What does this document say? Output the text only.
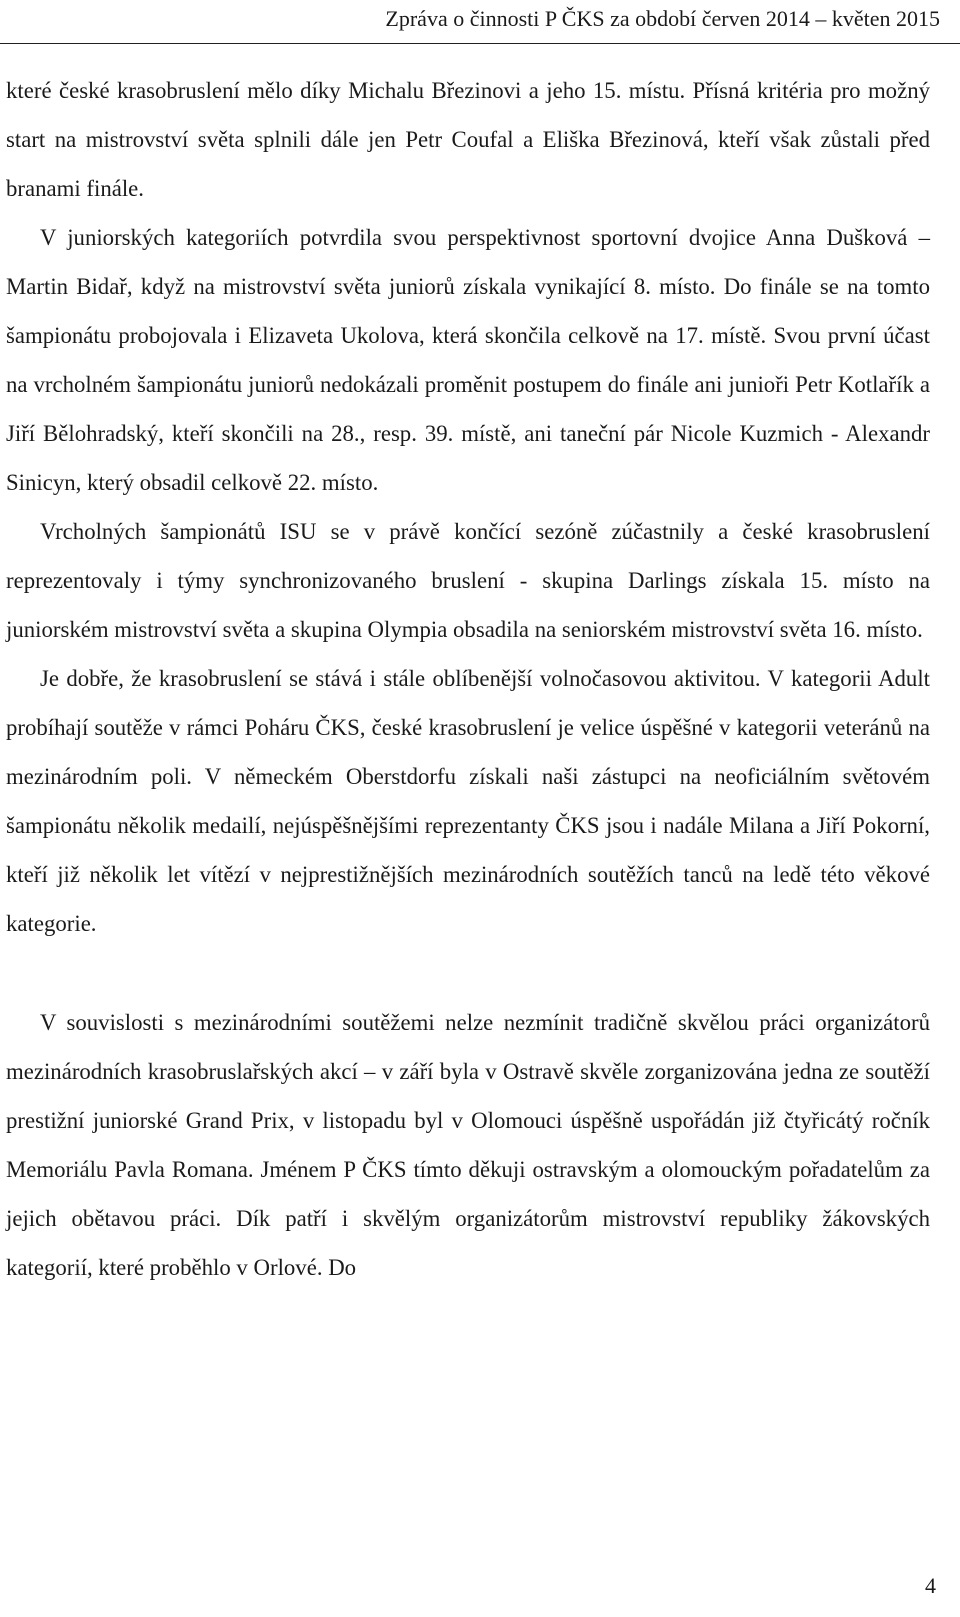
Zpráva o činnosti P ČKS za období červen 2014 – květen 2015

které české krasobruslení mělo díky Michalu Březinovi a jeho 15. místu. Přísná kritéria pro možný start na mistrovství světa splnili dále jen Petr Coufal a Eliška Březinová, kteří však zůstali před branami finále.

V juniorských kategoriích potvrdila svou perspektivnost sportovní dvojice Anna Dušková – Martin Bidař, když na mistrovství světa juniorů získala vynikající 8. místo. Do finále se na tomto šampionátu probojovala i Elizaveta Ukolova, která skončila celkově na 17. místě. Svou první účast na vrcholném šampionátu juniorů nedokázali proměnit postupem do finále ani junioři Petr Kotlařík a Jiří Bělohradský, kteří skončili na 28., resp. 39. místě, ani taneční pár Nicole Kuzmich - Alexandr Sinicyn, který obsadil celkově 22. místo.

Vrcholných šampionátů ISU se v právě končící sezóně zúčastnily a české krasobruslení reprezentovaly i týmy synchronizovaného bruslení - skupina Darlings získala 15. místo na juniorském mistrovství světa a skupina Olympia obsadila na seniorském mistrovství světa 16. místo.

Je dobře, že krasobruslení se stává i stále oblíbenější volnočasovou aktivitou. V kategorii Adult probíhají soutěže v rámci Poháru ČKS, české krasobruslení je velice úspěšné v kategorii veteránů na mezinárodním poli. V německém Oberstdorfu získali naši zástupci na neoficiálním světovém šampionátu několik medailí, nejúspěšnějšími reprezentanty ČKS jsou i nadále Milana a Jiří Pokorní, kteří již několik let vítězí v nejprestižnějších mezinárodních soutěžích tanců na ledě této věkové kategorie.

V souvislosti s mezinárodními soutěžemi nelze nezmínit tradičně skvělou práci organizátorů mezinárodních krasobruslařských akcí – v září byla v Ostravě skvěle zorganizována jedna ze soutěží prestižní juniorské Grand Prix, v listopadu byl v Olomouci úspěšně uspořádán již čtyřicátý ročník Memoriálu Pavla Romana. Jménem P ČKS tímto děkuji ostravským a olomouckým pořadatelům za jejich obětavou práci. Dík patří i skvělým organizátorům mistrovství republiky žákovských kategorií, které proběhlo v Orlové. Do

4
